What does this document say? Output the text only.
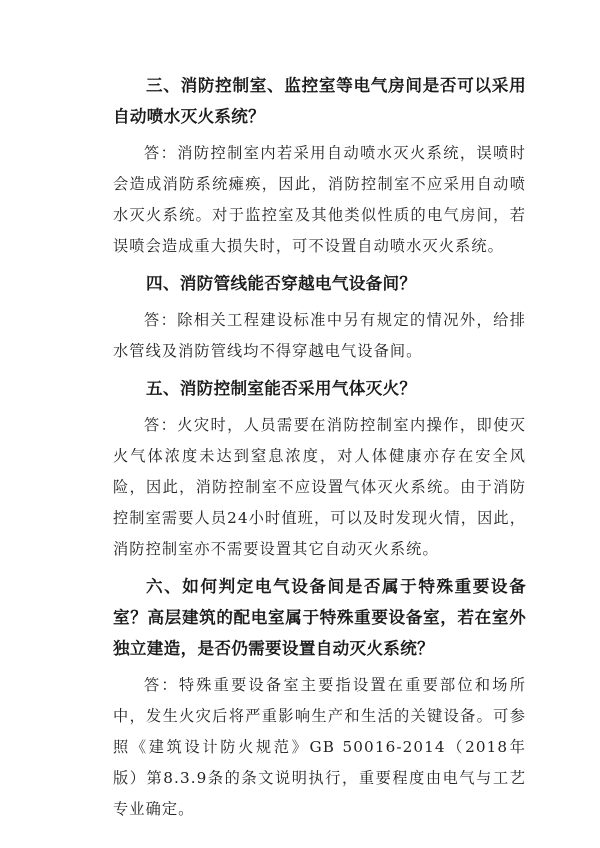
三、消防控制室、监控室等电气房间是否可以采用自动喷水灭火系统？

答：消防控制室内若采用自动喷水灭火系统，误喷时会造成消防系统瘫痪，因此，消防控制室不应采用自动喷水灭火系统。对于监控室及其他类似性质的电气房间，若误喷会造成重大损失时，可不设置自动喷水灭火系统。

四、消防管线能否穿越电气设备间？

答：除相关工程建设标准中另有规定的情况外，给排水管线及消防管线均不得穿越电气设备间。

五、消防控制室能否采用气体灭火？

答：火灾时，人员需要在消防控制室内操作，即使灭火气体浓度未达到窒息浓度，对人体健康亦存在安全风险，因此，消防控制室不应设置气体灭火系统。由于消防控制室需要人员24小时值班，可以及时发现火情，因此，消防控制室亦不需要设置其它自动灭火系统。

六、如何判定电气设备间是否属于特殊重要设备室？高层建筑的配电室属于特殊重要设备室，若在室外独立建造，是否仍需要设置自动灭火系统？

答：特殊重要设备室主要指设置在重要部位和场所中，发生火灾后将严重影响生产和生活的关键设备。可参照《建筑设计防火规范》GB 50016-2014（2018年版）第8.3.9条的条文说明执行，重要程度由电气与工艺专业确定。
